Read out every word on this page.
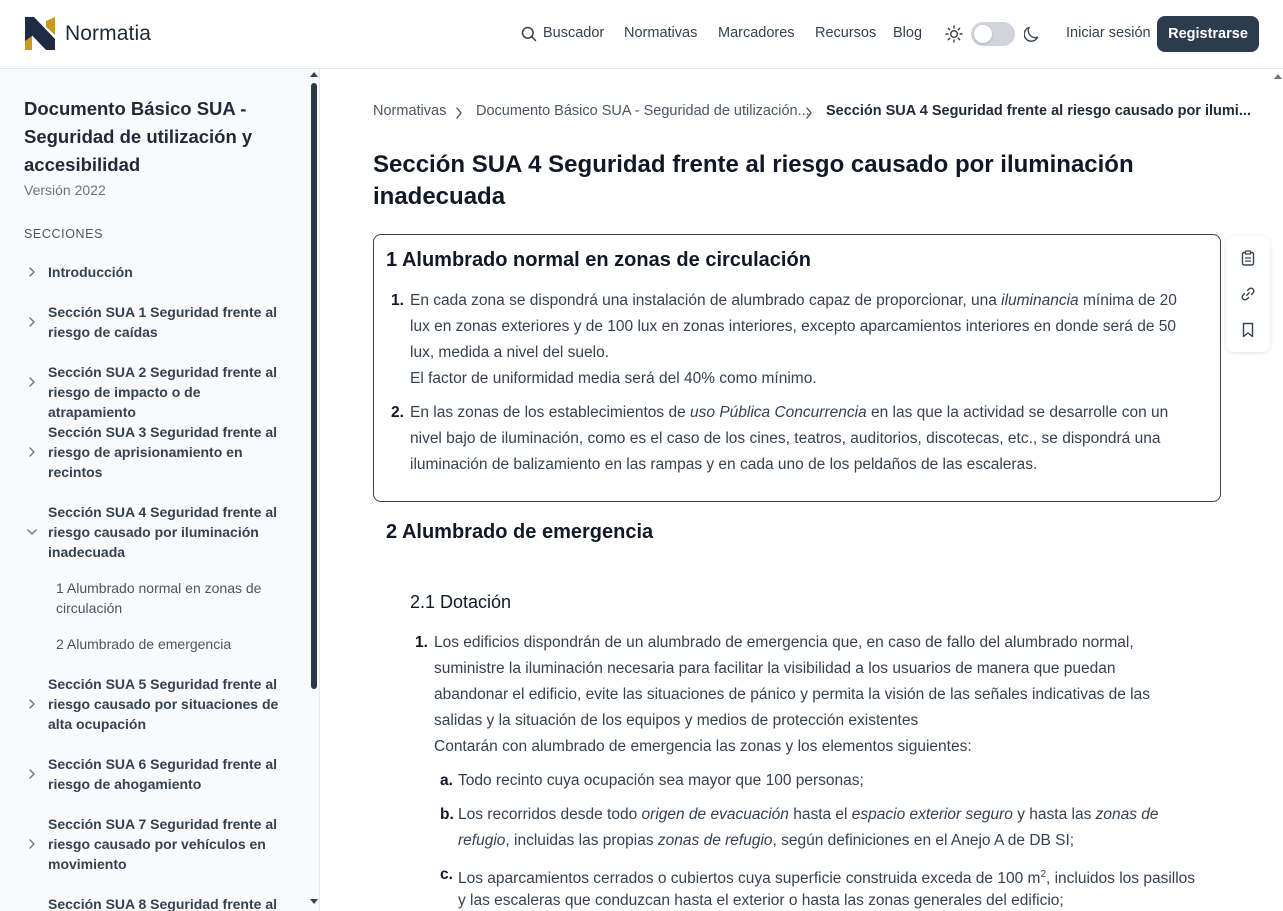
Normatia	Buscador Normativas Marcadores Recursos Blog	Iniciar sesión	Registrarse
Documento Básico SUA - Seguridad de utilización y accesibilidad
Versión 2022
SECCIONES
Introducción
Sección SUA 1 Seguridad frente al riesgo de caídas
Sección SUA 2 Seguridad frente al riesgo de impacto o de atrapamiento
Sección SUA 3 Seguridad frente al riesgo de aprisionamiento en recintos
Sección SUA 4 Seguridad frente al riesgo causado por iluminación inadecuada
1 Alumbrado normal en zonas de circulación
2 Alumbrado de emergencia
Sección SUA 5 Seguridad frente al riesgo causado por situaciones de alta ocupación
Sección SUA 6 Seguridad frente al riesgo de ahogamiento
Sección SUA 7 Seguridad frente al riesgo causado por vehículos en movimiento
Sección SUA 8 Seguridad frente al
Normativas Documento Básico SUA - Seguridad de utilización... Sección SUA 4 Seguridad frente al riesgo causado por ilumi...
Sección SUA 4 Seguridad frente al riesgo causado por iluminación inadecuada
1 Alumbrado normal en zonas de circulación
1. En cada zona se dispondrá una instalación de alumbrado capaz de proporcionar, una iluminancia mínima de 20
lux en zonas exteriores y de 100 lux en zonas interiores, excepto aparcamientos interiores en donde será de 50
lux, medida a nivel del suelo.
El factor de uniformidad media será del 40% como mínimo.
2. En las zonas de los establecimientos de uso Pública Concurrencia en las que la actividad se desarrolle con un
nivel bajo de iluminación, como es el caso de los cines, teatros, auditorios, discotecas, etc., se dispondrá una
iluminación de balizamiento en las rampas y en cada uno de los peldaños de las escaleras.
2 Alumbrado de emergencia
2.1 Dotación
1. Los edificios dispondrán de un alumbrado de emergencia que, en caso de fallo del alumbrado normal,
suministre la iluminación necesaria para facilitar la visibilidad a los usuarios de manera que puedan
abandonar el edificio, evite las situaciones de pánico y permita la visión de las señales indicativas de las
salidas y la situación de los equipos y medios de protección existentes
Contarán con alumbrado de emergencia las zonas y los elementos siguientes:
a. Todo recinto cuya ocupación sea mayor que 100 personas;
b. Los recorridos desde todo origen de evacuación hasta el espacio exterior seguro y hasta las zonas de
refugio, incluidas las propias zonas de refugio, según definiciones en el Anejo A de DB SI;
c. Los aparcamientos cerrados o cubiertos cuya superficie construida exceda de 100 $m^2$, incluidos los pasillos
y las escaleras que conduzcan hasta el exterior o hasta las zonas generales del edificio;
